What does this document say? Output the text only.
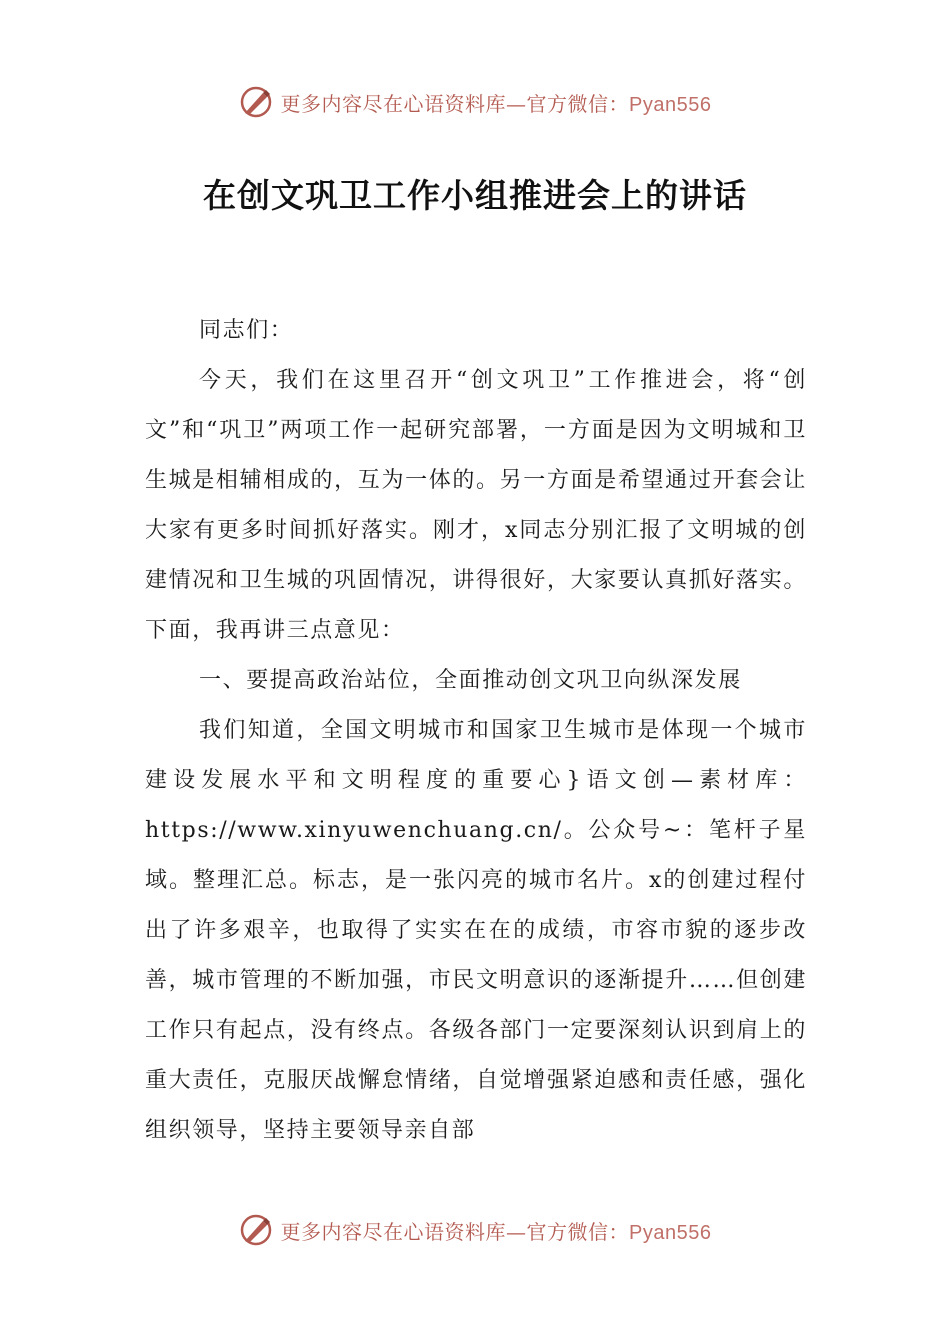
更多内容尽在心语资料库—官方微信：Pyan556
在创文巩卫工作小组推进会上的讲话

同志们：

今天，我们在这里召开“创文巩卫”工作推进会，将“创文”和“巩卫”两项工作一起研究部署，一方面是因为文明城和卫生城是相辅相成的，互为一体的。另一方面是希望通过开套会让大家有更多时间抓好落实。刚才，x同志分别汇报了文明城的创建情况和卫生城的巩固情况，讲得很好，大家要认真抓好落实。下面，我再讲三点意见：

一、要提高政治站位，全面推动创文巩卫向纵深发展

我们知道，全国文明城市和国家卫生城市是体现一个城市建设发展水平和文明程度的重要心}语文创—素材库：https://www.xinyuwenchuang.cn/。公众号~：笔杆子星域。整理汇总。标志，是一张闪亮的城市名片。x的创建过程付出了许多艰辛，也取得了实实在在的成绩，市容市貌的逐步改善，城市管理的不断加强，市民文明意识的逐渐提升……但创建工作只有起点，没有终点。各级各部门一定要深刻认识到肩上的重大责任，克服厌战懈怠情绪，自觉增强紧迫感和责任感，强化组织领导，坚持主要领导亲自部

更多内容尽在心语资料库—官方微信：Pyan556
